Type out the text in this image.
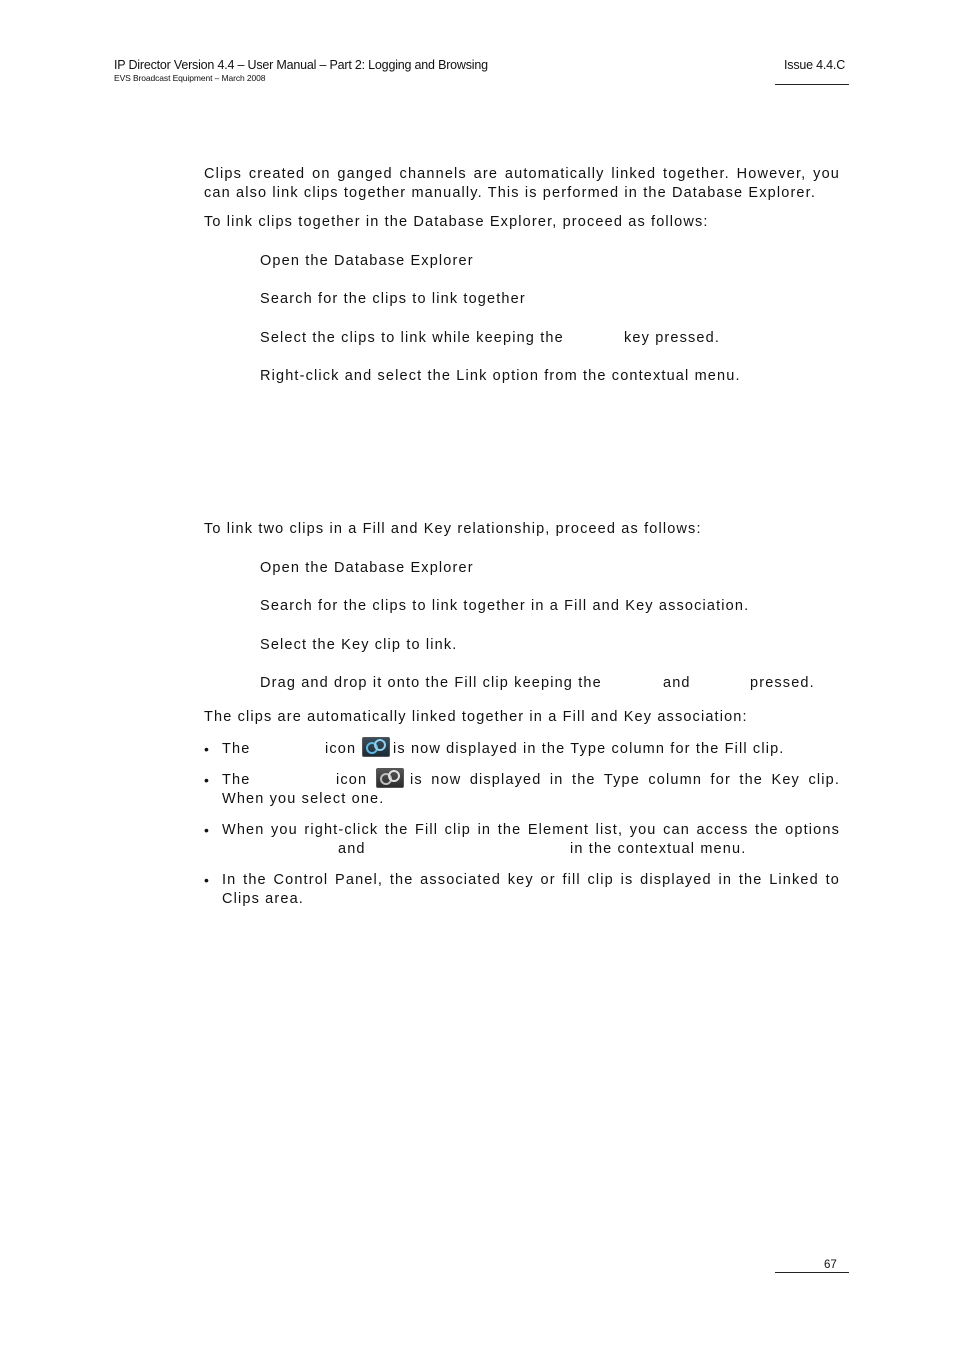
IP Director Version 4.4 – User Manual – Part 2: Logging and Browsing
EVS Broadcast Equipment – March 2008
Issue 4.4.C
Clips created on ganged channels are automatically linked together. However, you
can also link clips together manually. This is performed in the Database Explorer.
To link clips together in the Database Explorer, proceed as follows:
Open the Database Explorer
Search for the clips to link together
Select the clips to link while keeping the	key pressed.
Right-click and select the Link option from the contextual menu.
To link two clips in a Fill and Key relationship, proceed as follows:
Open the Database Explorer
Search for the clips to link together in a Fill and Key association.
Select the Key clip to link.
Drag and drop it onto the Fill clip keeping the	and	pressed.
The clips are automatically linked together in a Fill and Key association:
• The	icon	is now displayed in the Type column for the Fill clip.
• The	icon	is now displayed in the Type column for the Key clip.
When you select one.
• When you right-click the Fill clip in the Element list, you can access the options
and	in the contextual menu.
• In the Control Panel, the associated key or fill clip is displayed in the Linked to
Clips area.
67
